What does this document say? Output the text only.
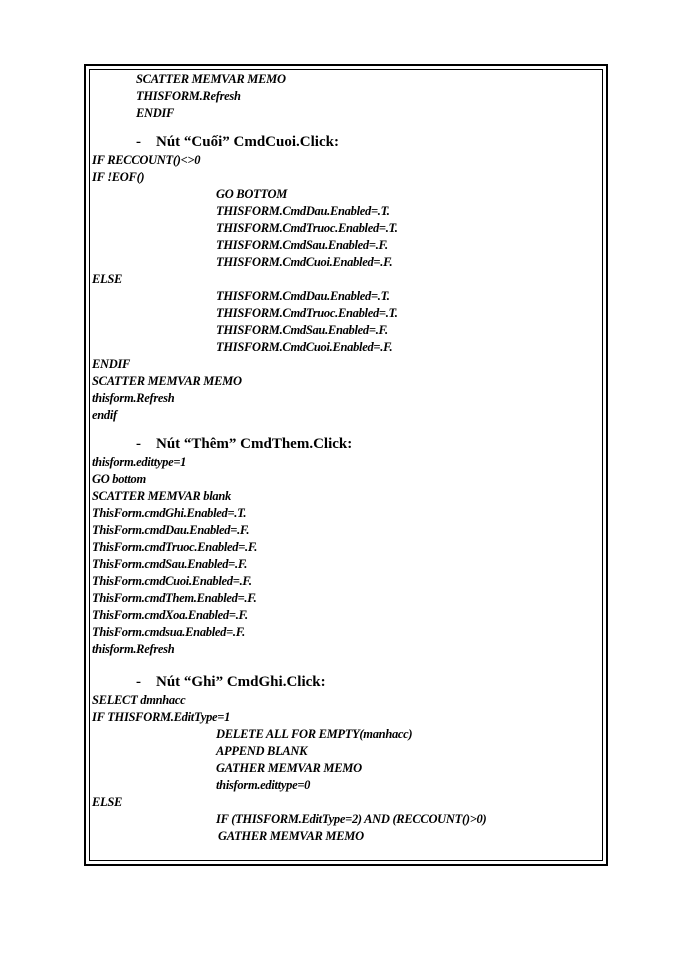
SCATTER MEMVAR MEMO
THISFORM.Refresh
ENDIF
- Nút “Cuối” CmdCuoi.Click:
IF RECCOUNT()<>0
IF !EOF()
GO BOTTOM
THISFORM.CmdDau.Enabled=.T.
THISFORM.CmdTruoc.Enabled=.T.
THISFORM.CmdSau.Enabled=.F.
THISFORM.CmdCuoi.Enabled=.F.
ELSE
THISFORM.CmdDau.Enabled=.T.
THISFORM.CmdTruoc.Enabled=.T.
THISFORM.CmdSau.Enabled=.F.
THISFORM.CmdCuoi.Enabled=.F.
ENDIF
SCATTER MEMVAR MEMO
thisform.Refresh
endif
- Nút “Thêm” CmdThem.Click:
thisform.edittype=1
GO bottom
SCATTER MEMVAR blank
ThisForm.cmdGhi.Enabled=.T.
ThisForm.cmdDau.Enabled=.F.
ThisForm.cmdTruoc.Enabled=.F.
ThisForm.cmdSau.Enabled=.F.
ThisForm.cmdCuoi.Enabled=.F.
ThisForm.cmdThem.Enabled=.F.
ThisForm.cmdXoa.Enabled=.F.
ThisForm.cmdsua.Enabled=.F.
thisform.Refresh
- Nút “Ghi” CmdGhi.Click:
SELECT dmnhacc
IF THISFORM.EditType=1
DELETE ALL FOR EMPTY(manhacc)
APPEND BLANK
GATHER MEMVAR MEMO
thisform.edittype=0
ELSE
IF (THISFORM.EditType=2) AND (RECCOUNT()>0)
GATHER MEMVAR MEMO
